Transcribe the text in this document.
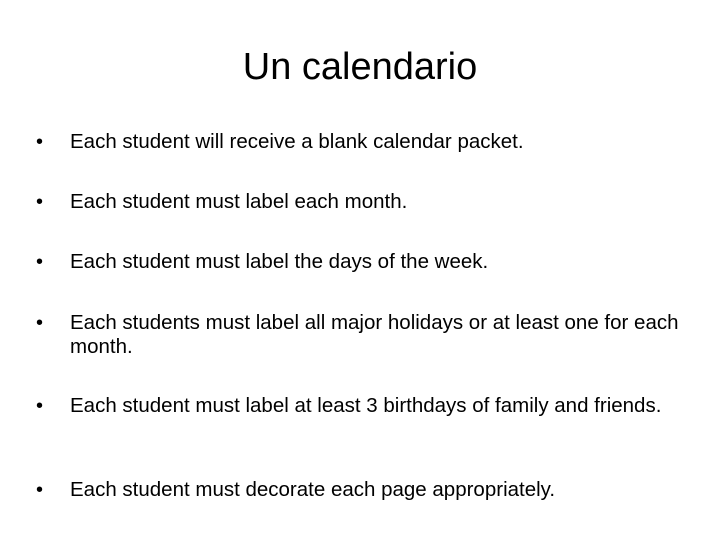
Un calendario
•	Each student will receive a blank calendar packet.
•	Each student must label each month.
•	Each student must label the days of the week.
•	Each students must label all major holidays or at least one for each month.
•	Each student must label at least 3 birthdays of family and friends.
•	Each student must decorate each page appropriately.
